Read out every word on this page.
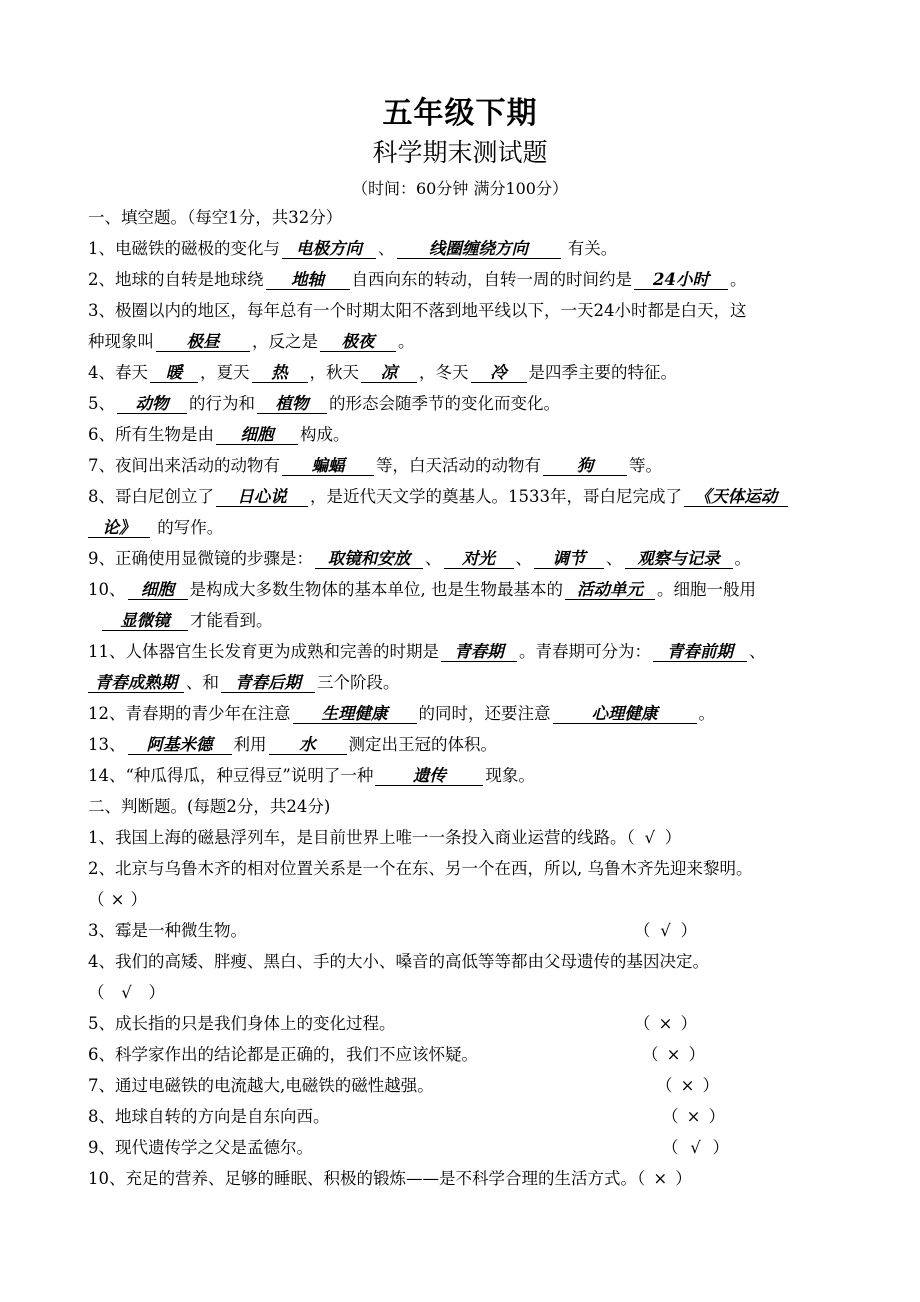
五年级下期
科学期末测试题
（时间：60分钟 满分100分）
一、填空题。（每空1分，共32分）
1、电磁铁的磁极的变化与 电极方向 、 线圈缠绕方向 有关。
2、地球的自转是地球绕 地轴 自西向东的转动，自转一周的时间约是 24小时 。
3、极圈以内的地区，每年总有一个时期太阳不落到地平线以下，一天24小时都是白天，这
种现象叫 极昼 ，反之是 极夜 。
4、春天 暖 ，夏天 热 ，秋天 凉 ，冬天 冷 是四季主要的特征。
5、 动物 的行为和 植物 的形态会随季节的变化而变化。
6、所有生物是由 细胞 构成。
7、夜间出来活动的动物有 蝙蝠 等，白天活动的动物有 狗 等。
8、哥白尼创立了 日心说 ，是近代天文学的奠基人。1533年，哥白尼完成了 《天体运动
论》 的写作。
9、正确使用显微镜的步骤是： 取镜和安放 、 对光 、 调节 、 观察与记录 。
10、 细胞 是构成大多数生物体的基本单位, 也是生物最基本的 活动单元 。细胞一般用
显微镜 才能看到。
11、人体器官生长发育更为成熟和完善的时期是 青春期 。青春期可分为： 青春前期 、
青春成熟期 、和 青春后期 三个阶段。
12、青春期的青少年在注意 生理健康 的同时，还要注意 心理健康 。
13、 阿基米德 利用 水 测定出王冠的体积。
14、“种瓜得瓜，种豆得豆”说明了一种 遗传 现象。
二、判断题。(每题2分，共24分)
1、我国上海的磁悬浮列车，是目前世界上唯一一条投入商业运营的线路。（ √ ）
2、北京与乌鲁木齐的相对位置关系是一个在东、另一个在西，所以, 乌鲁木齐先迎来黎明。
（ × ）
3、霉是一种微生物。	（ √ ）
4、我们的高矮、胖瘦、黑白、手的大小、嗓音的高低等等都由父母遗传的基因决定。
（ √ ）
5、成长指的只是我们身体上的变化过程。	（ × ）
6、科学家作出的结论都是正确的，我们不应该怀疑。	（ × ）
7、通过电磁铁的电流越大,电磁铁的磁性越强。	（ × ）
8、地球自转的方向是自东向西。	（ × ）
9、现代遗传学之父是孟德尔。	（ √ ）
10、充足的营养、足够的睡眠、积极的锻炼——是不科学合理的生活方式。（ × ）
